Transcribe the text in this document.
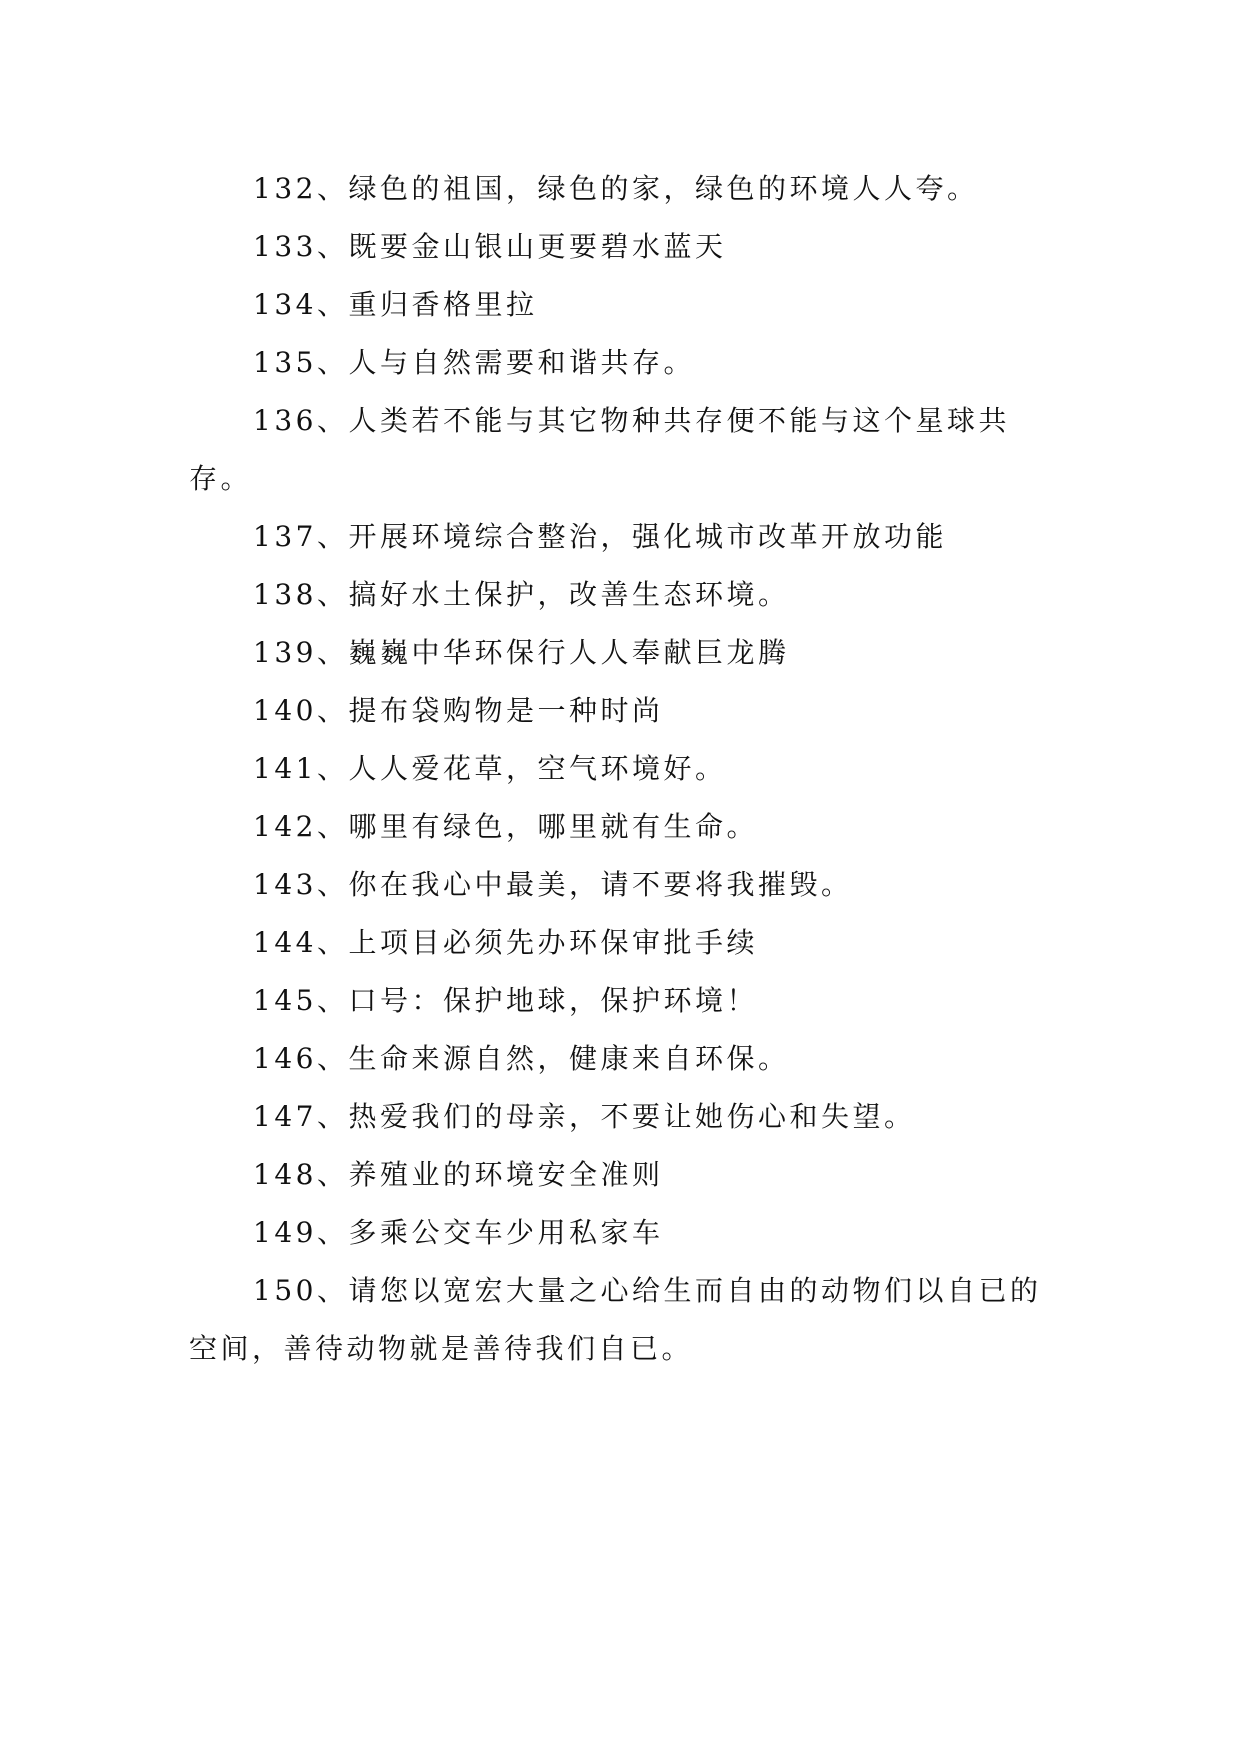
132、绿色的祖国，绿色的家，绿色的环境人人夸。

133、既要金山银山更要碧水蓝天

134、重归香格里拉

135、人与自然需要和谐共存。

136、人类若不能与其它物种共存便不能与这个星球共存。

137、开展环境综合整治，强化城市改革开放功能

138、搞好水土保护，改善生态环境。

139、巍巍中华环保行人人奉献巨龙腾

140、提布袋购物是一种时尚

141、人人爱花草，空气环境好。

142、哪里有绿色，哪里就有生命。

143、你在我心中最美，请不要将我摧毁。

144、上项目必须先办环保审批手续

145、口号：保护地球，保护环境！

146、生命来源自然，健康来自环保。

147、热爱我们的母亲，不要让她伤心和失望。

148、养殖业的环境安全准则

149、多乘公交车少用私家车

150、请您以宽宏大量之心给生而自由的动物们以自已的空间，善待动物就是善待我们自已。
